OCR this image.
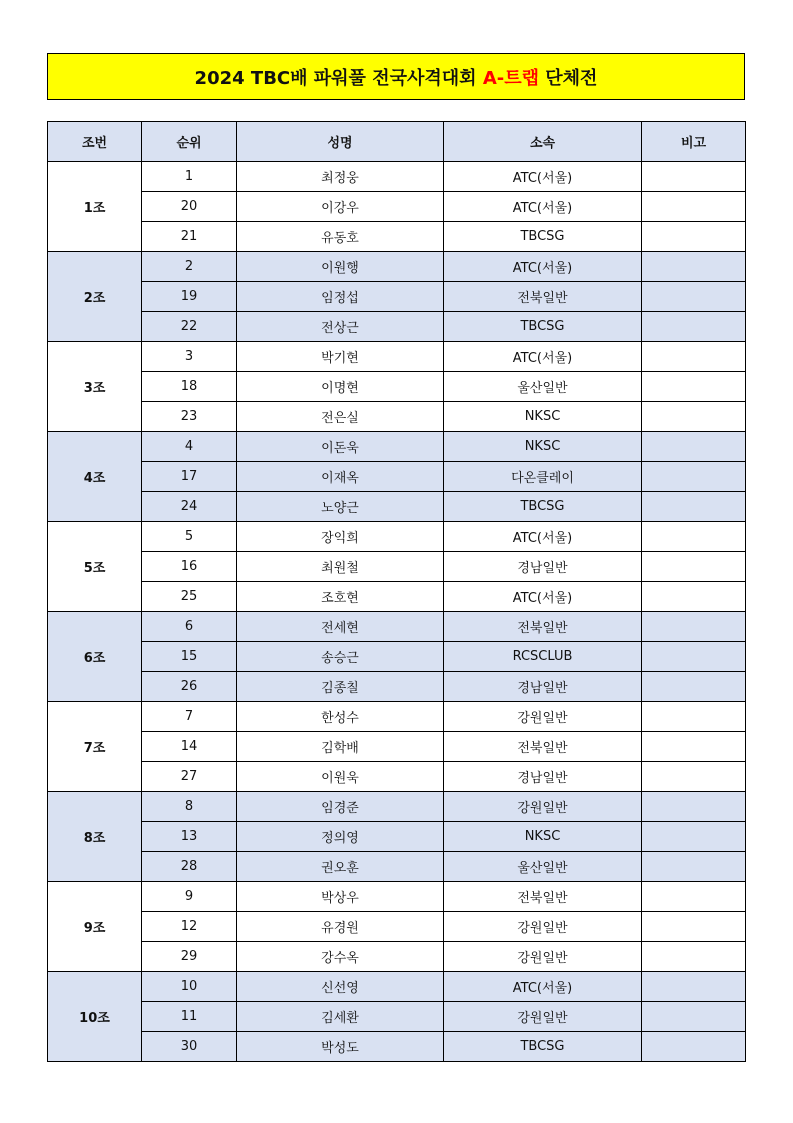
2024 TBC배 파워풀 전국사격대회 A-트랩 단체전
조번	순위	성명	소속	비고
1조	1	최정웅	ATC(서울)	
	20	이강우	ATC(서울)	
	21	유동호	TBCSG	
2조	2	이원행	ATC(서울)	
	19	임정섭	전북일반	
	22	전상근	TBCSG	
3조	3	박기현	ATC(서울)	
	18	이명현	울산일반	
	23	전은실	NKSC	
4조	4	이돈욱	NKSC	
	17	이재옥	다온클레이	
	24	노양근	TBCSG	
5조	5	장익희	ATC(서울)	
	16	최원철	경남일반	
	25	조호현	ATC(서울)	
6조	6	전세현	전북일반	
	15	송승근	RCSCLUB	
	26	김종칠	경남일반	
7조	7	한성수	강원일반	
	14	김학배	전북일반	
	27	이원욱	경남일반	
8조	8	임경준	강원일반	
	13	정의영	NKSC	
	28	권오훈	울산일반	
9조	9	박상우	전북일반	
	12	유경원	강원일반	
	29	강수옥	강원일반	
10조	10	신선영	ATC(서울)	
	11	김세환	강원일반	
	30	박성도	TBCSG	
